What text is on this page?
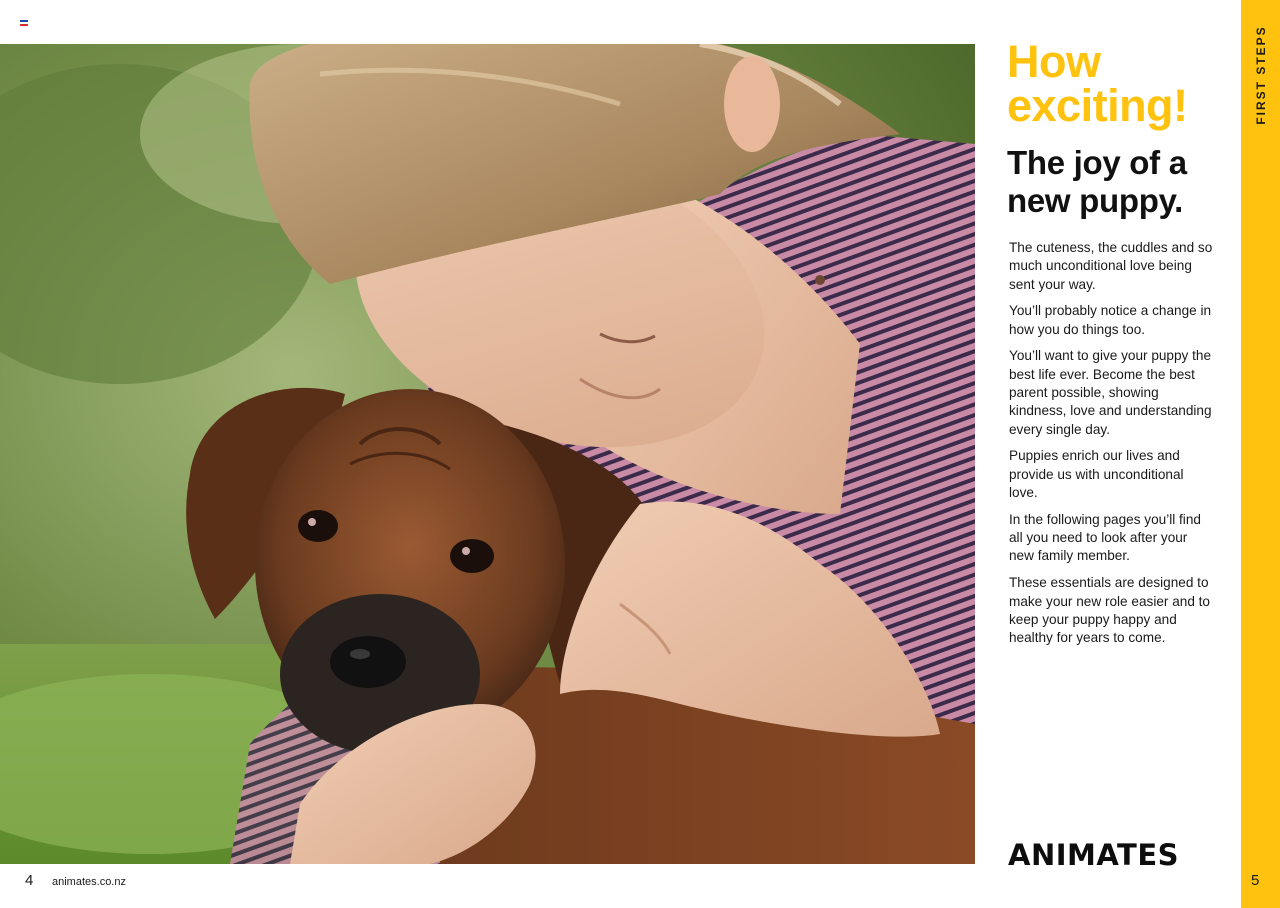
How
exciting!
The joy of a new puppy.

The cuteness, the cuddles and so much unconditional love being sent your way.

You’ll probably notice a change in how you do things too.

You’ll want to give your puppy the best life ever. Become the best parent possible, showing kindness, love and understanding every single day.

Puppies enrich our lives and provide us with unconditional love.

In the following pages you’ll find all you need to look after your new family member.

These essentials are designed to make your new role easier and to keep your puppy happy and healthy for years to come.

ANIMATES
FIRST STEPS
5
4 animates.co.nz
